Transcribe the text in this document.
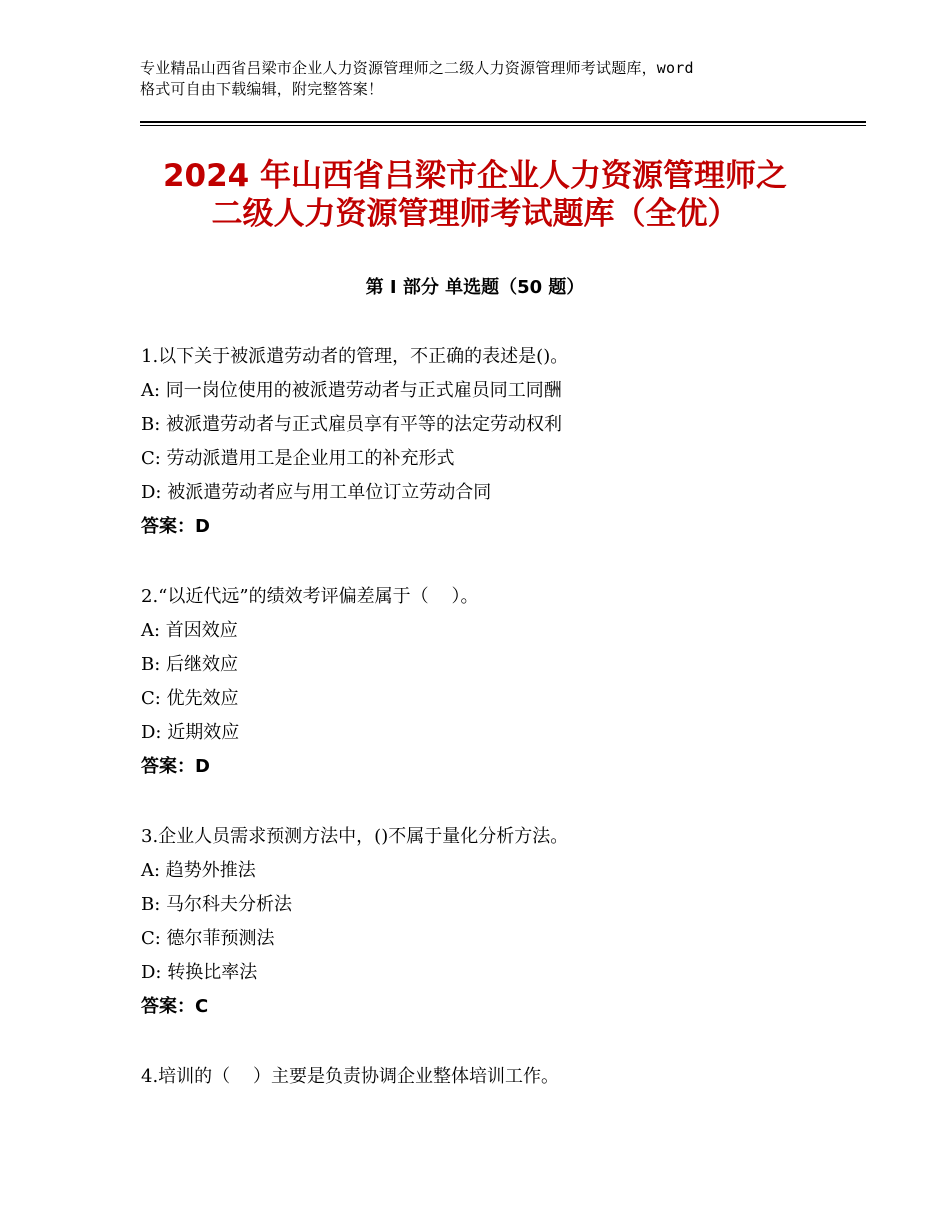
专业精品山西省吕梁市企业人力资源管理师之二级人力资源管理师考试题库，word
格式可自由下载编辑，附完整答案！
2024 年山西省吕梁市企业人力资源管理师之
二级人力资源管理师考试题库（全优）
第 I 部分 单选题（50 题）
1.以下关于被派遣劳动者的管理，不正确的表述是()。
A: 同一岗位使用的被派遣劳动者与正式雇员同工同酬
B: 被派遣劳动者与正式雇员享有平等的法定劳动权利
C: 劳动派遣用工是企业用工的补充形式
D: 被派遣劳动者应与用工单位订立劳动合同
答案：D
2.“以近代远”的绩效考评偏差属于（    ）。
A: 首因效应
B: 后继效应
C: 优先效应
D: 近期效应
答案：D
3.企业人员需求预测方法中，()不属于量化分析方法。
A: 趋势外推法
B: 马尔科夫分析法
C: 德尔菲预测法
D: 转换比率法
答案：C
4.培训的（    ）主要是负责协调企业整体培训工作。
